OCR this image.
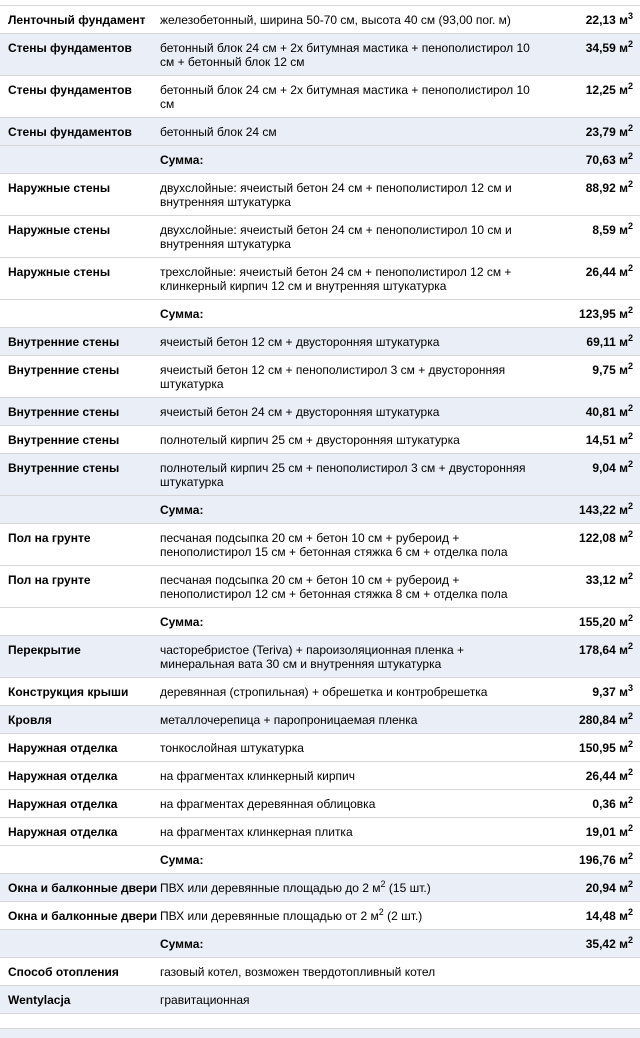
Ленточный фундамент	железобетонный, ширина 50-70 см, высота 40 см (93,00 пог. м)	22,13 $м^3$
Стены фундаментов	бетонный блок 24 см + 2х битумная мастика + пенополистирол 10 см + бетонный блок 12 см	34,59 $м^2$
Стены фундаментов	бетонный блок 24 см + 2х битумная мастика + пенополистирол 10 см	12,25 $м^2$
Стены фундаментов	бетонный блок 24 см	23,79 $м^2$
	Сумма:	70,63 $м^2$
Наружные стены	двухслойные: ячеистый бетон 24 см + пенополистирол 12 см и внутренняя штукатурка	88,92 $м^2$
Наружные стены	двухслойные: ячеистый бетон 24 см + пенополистирол 10 см и внутренняя штукатурка	8,59 $м^2$
Наружные стены	трехслойные: ячеистый бетон 24 см + пенополистирол 12 см + клинкерный кирпич 12 см и внутренняя штукатурка	26,44 $м^2$
	Сумма:	123,95 $м^2$
Внутренние стены	ячеистый бетон 12 см + двусторонняя штукатурка	69,11 $м^2$
Внутренние стены	ячеистый бетон 12 см + пенополистирол 3 см + двусторонняя штукатурка	9,75 $м^2$
Внутренние стены	ячеистый бетон 24 см + двусторонняя штукатурка	40,81 $м^2$
Внутренние стены	полнотелый кирпич 25 см + двусторонняя штукатурка	14,51 $м^2$
Внутренние стены	полнотелый кирпич 25 см + пенополистирол 3 см + двусторонняя штукатурка	9,04 $м^2$
	Сумма:	143,22 $м^2$
Пол на грунте	песчаная подсыпка 20 см + бетон 10 см + рубероид + пенополистирол 15 см + бетонная стяжка 6 см + отделка пола	122,08 $м^2$
Пол на грунте	песчаная подсыпка 20 см + бетон 10 см + рубероид + пенополистирол 12 см + бетонная стяжка 8 см + отделка пола	33,12 $м^2$
	Сумма:	155,20 $м^2$
Перекрытие	часторебристое (Teriva) + пароизоляционная пленка + минеральная вата 30 см и внутренняя штукатурка	178,64 $м^2$
Конструкция крыши	деревянная (стропильная) + обрешетка и контробрешетка	9,37 $м^3$
Кровля	металлочерепица + паропроницаемая пленка	280,84 $м^2$
Наружная отделка	тонкослойная штукатурка	150,95 $м^2$
Наружная отделка	на фрагментах клинкерный кирпич	26,44 $м^2$
Наружная отделка	на фрагментах деревянная облицовка	0,36 $м^2$
Наружная отделка	на фрагментах клинкерная плитка	19,01 $м^2$
	Сумма:	196,76 $м^2$
Окна и балконные двери	ПВХ или деревянные площадью до 2 $м^2$ (15 шт.)	20,94 $м^2$
Окна и балконные двери	ПВХ или деревянные площадью от 2 $м^2$ (2 шт.)	14,48 $м^2$
	Сумма:	35,42 $м^2$
Способ отопления	газовый котел, возможен твердотопливный котел	
Wentylacja	гравитационная	
